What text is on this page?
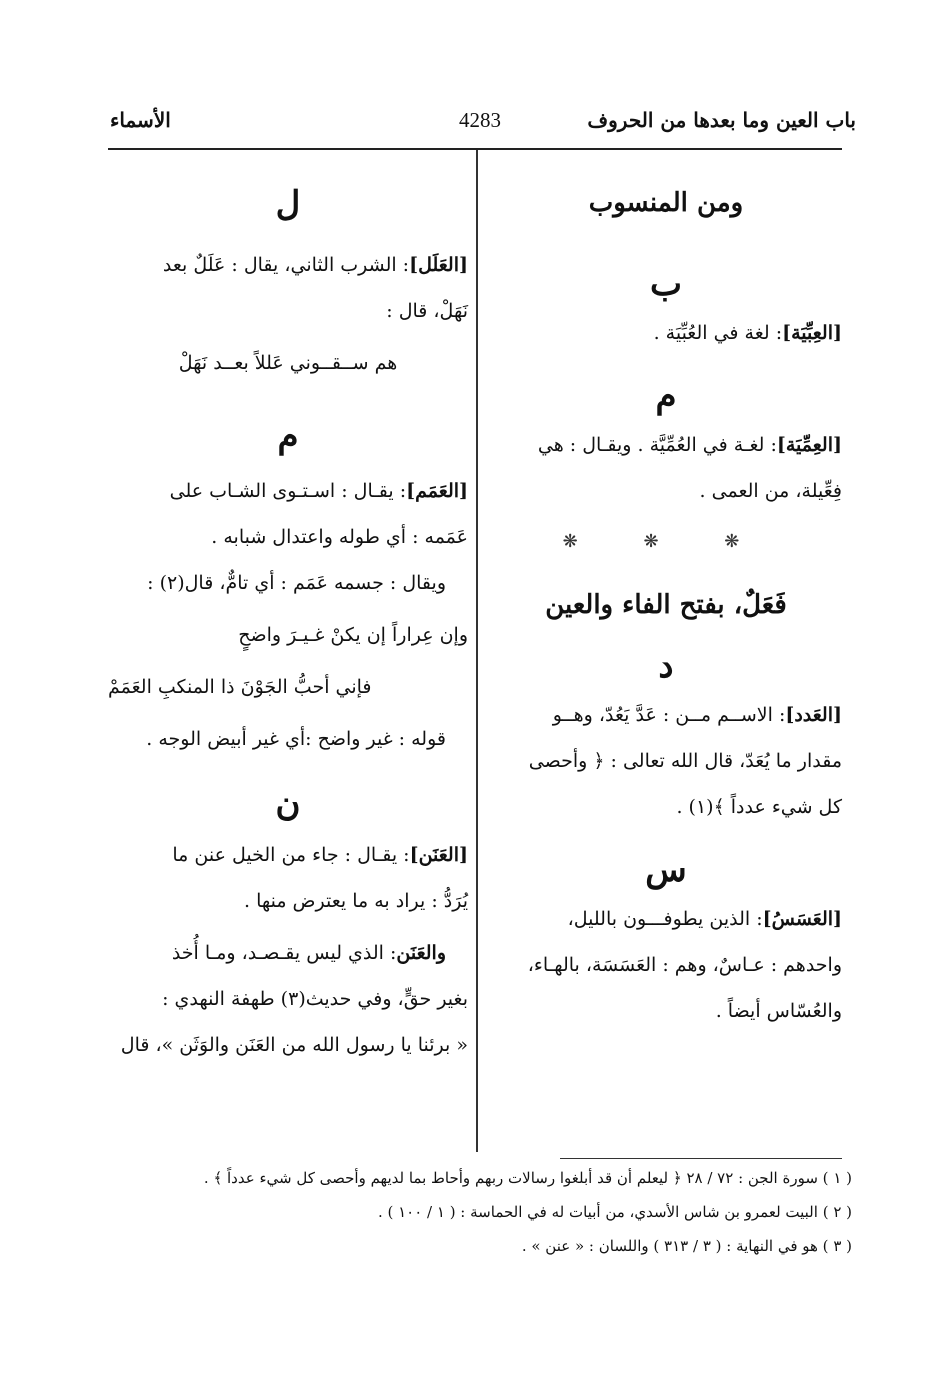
باب العين وما بعدها من الحروف
4283
الأسماء
ومن المنسوب
ب

[العِبِّيَة]: لغة في العُبِّيَة .

م

[العِمِّيَة]: لغـة في العُمِّيَّة . ويقـال : هي

فِعِّيلة، من العمى .

❋ ❋ ❋
فَعَلٌ، بفتح الفاء والعين
د

[العَدد]: الاســم مــن : عَدَّ يَعُدّ، وهــو

مقدار ما يُعَدّ، قال الله تعالى : ﴿ وأحصى

كل شيء عدداً ﴾(١) .

س

[العَسَسُ]: الذين يطوفـــون بالليل،

واحدهم : عـاسٌ، وهم : العَسَسَة، بالهـاء،

والعُسّاس أيضاً .

ل

[العَلَل]: الشرب الثاني، يقال : عَلَلٌ بعد

نَهَلْ، قال :

هم ســقــوني عَللاً بعــد نَهَلْ

م

[العَمَم]: يقـال : اسـتـوى الشـاب على

عَمَمه : أي طوله واعتدال شبابه .

ويقال : جسمه عَمَم : أي تامٌّ، قال(٢) :

وإن عِراراً إن يكنْ غـيـرَ واضحٍ

فإني أحبُّ الجَوْنَ ذا المنكبِ العَمَمْ

قوله : غير واضح :أي غير أبيض الوجه .

ن

[العَنَن]: يقـال : جاء من الخيل عنن ما

يُرَدُّ : يراد به ما يعترض منها .

والعَنَن: الذي ليس يقـصـد، ومـا أُخذ

بغير حقٍّ، وفي حديث(٣) طهفة النهدي :

« برئنا يا رسول الله من العَنَن والوَثَن »، قال

( ١ ) سورة الجن : ٧٢ / ٢٨ ﴿ ليعلم أن قد أبلغوا رسالات ربهم وأحاط بما لديهم وأحصى كل شيء عدداً ﴾ .
( ٢ ) البيت لعمرو بن شاس الأسدي، من أبيات له في الحماسة : ( ١ / ١٠٠ ) .
( ٣ ) هو في النهاية : ( ٣ / ٣١٣ ) واللسان : « عنن » .
